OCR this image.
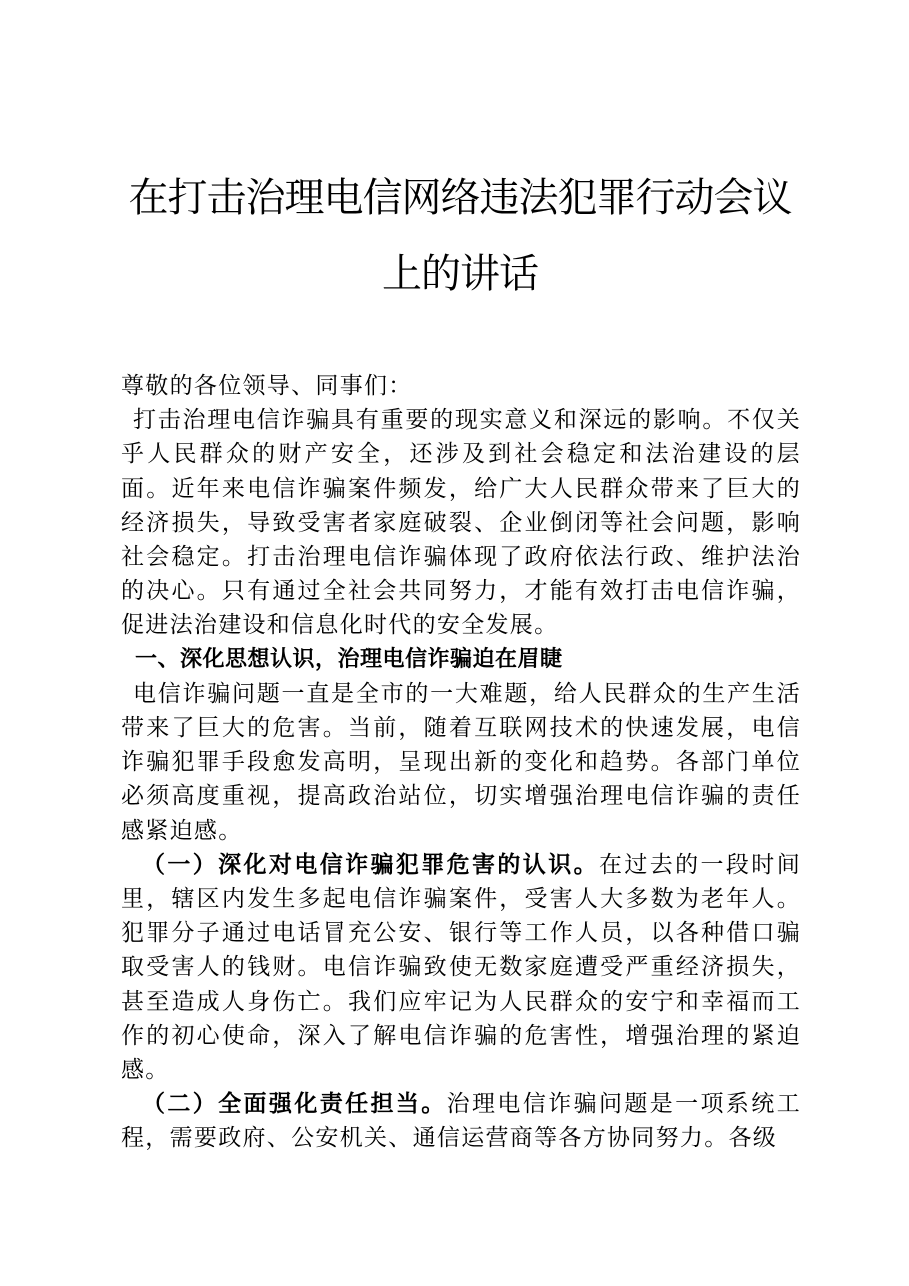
在打击治理电信网络违法犯罪行动会议上的讲话

尊敬的各位领导、同事们：

打击治理电信诈骗具有重要的现实意义和深远的影响。不仅关乎人民群众的财产安全，还涉及到社会稳定和法治建设的层面。近年来电信诈骗案件频发，给广大人民群众带来了巨大的经济损失，导致受害者家庭破裂、企业倒闭等社会问题，影响社会稳定。打击治理电信诈骗体现了政府依法行政、维护法治的决心。只有通过全社会共同努力，才能有效打击电信诈骗，促进法治建设和信息化时代的安全发展。

一、深化思想认识，治理电信诈骗迫在眉睫

电信诈骗问题一直是全市的一大难题，给人民群众的生产生活带来了巨大的危害。当前，随着互联网技术的快速发展，电信诈骗犯罪手段愈发高明，呈现出新的变化和趋势。各部门单位必须高度重视，提高政治站位，切实增强治理电信诈骗的责任感紧迫感。

（一）深化对电信诈骗犯罪危害的认识。在过去的一段时间里，辖区内发生多起电信诈骗案件，受害人大多数为老年人。犯罪分子通过电话冒充公安、银行等工作人员，以各种借口骗取受害人的钱财。电信诈骗致使无数家庭遭受严重经济损失，甚至造成人身伤亡。我们应牢记为人民群众的安宁和幸福而工作的初心使命，深入了解电信诈骗的危害性，增强治理的紧迫感。

（二）全面强化责任担当。治理电信诈骗问题是一项系统工程，需要政府、公安机关、通信运营商等各方协同努力。各级
